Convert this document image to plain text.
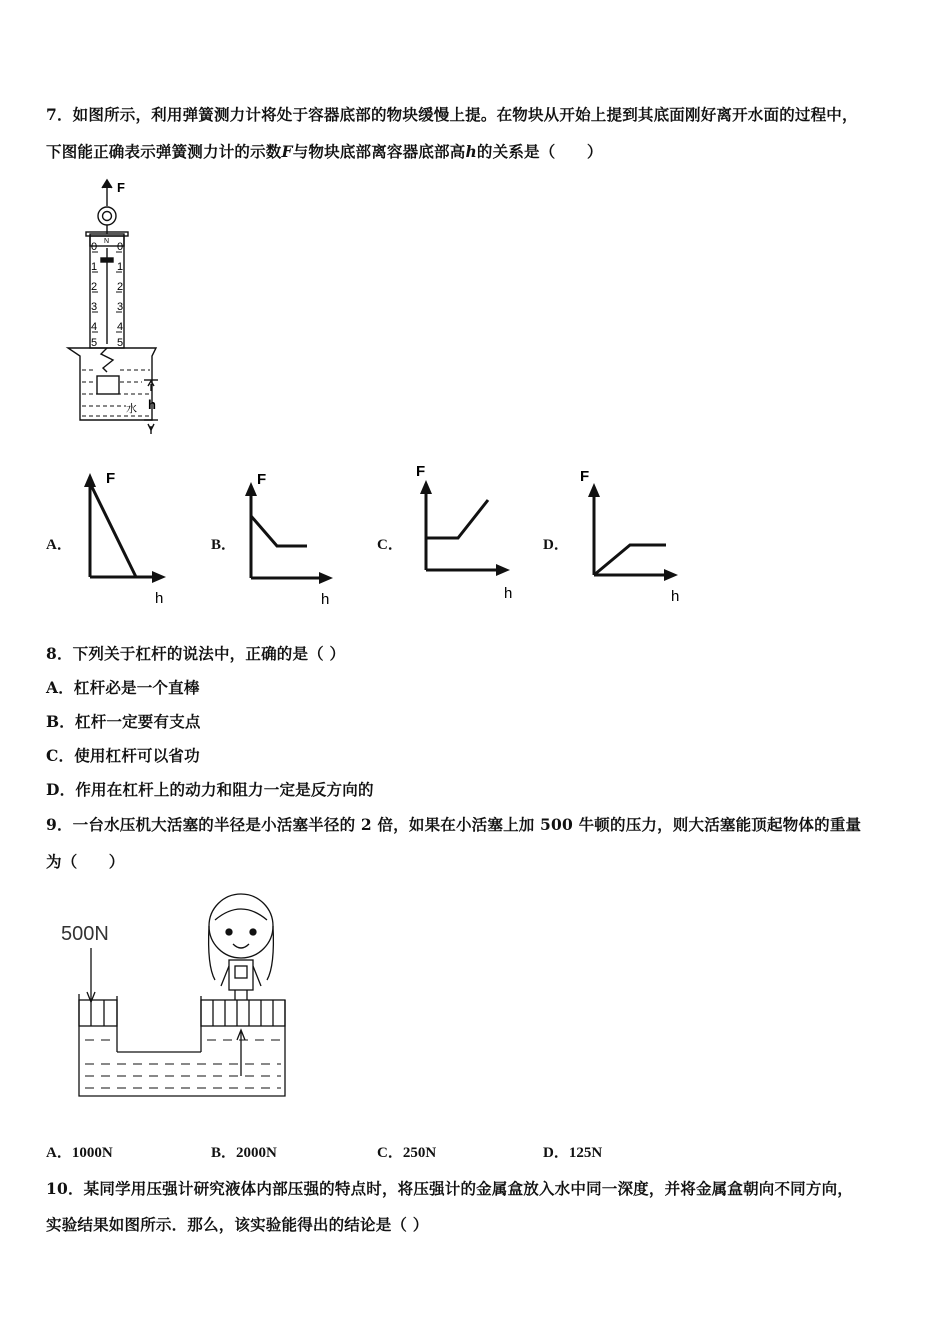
7．如图所示，利用弹簧测力计将处于容器底部的物块缓慢上提。在物块从开始上提到其底面刚好离开水面的过程中，
下图能正确表示弹簧测力计的示数F与物块底部离容器底部高h的关系是（　　）
F
N
0
1
2
3
4
5
0
1
2
3
4
5
水 h
A．
F
h
B．
F
h
C．
F
h
D．
F
h
8．下列关于杠杆的说法中，正确的是（ ）
A．杠杆必是一个直棒
B．杠杆一定要有支点
C．使用杠杆可以省功
D．作用在杠杆上的动力和阻力一定是反方向的
9．一台水压机大活塞的半径是小活塞半径的 2 倍，如果在小活塞上加 500 牛顿的压力，则大活塞能顶起物体的重量
为（　　）
500N
A．1000N	B．2000N	C．250N	D．125N
10．某同学用压强计研究液体内部压强的特点时，将压强计的金属盒放入水中同一深度，并将金属盒朝向不同方向，
实验结果如图所示．那么，该实验能得出的结论是（ ）
